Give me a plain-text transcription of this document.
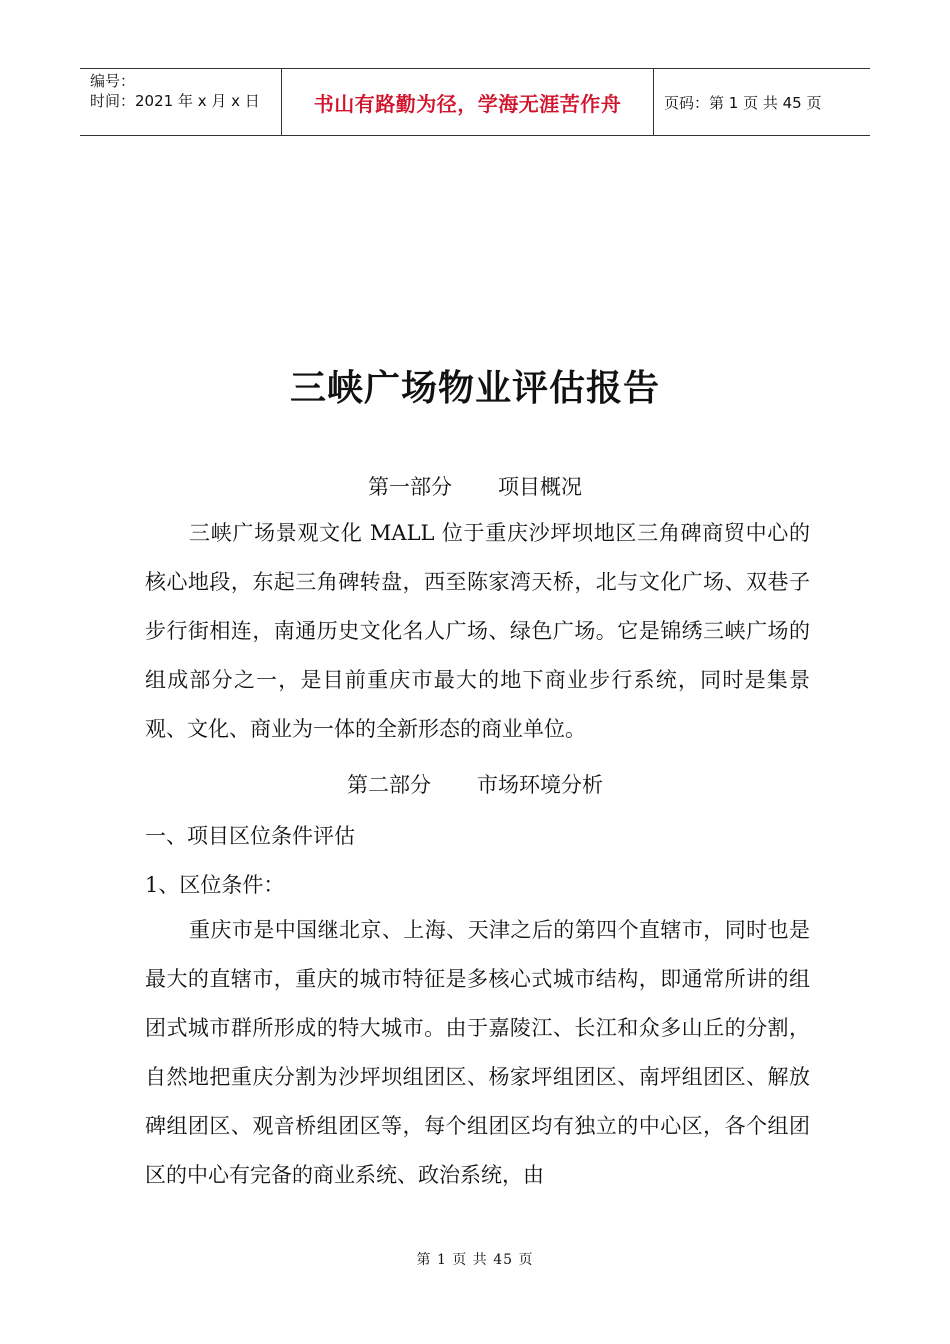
编号：
时间：2021 年 x 月 x 日	书山有路勤为径，学海无涯苦作舟	页码：第 1 页 共 45 页
三峡广场物业评估报告
第一部分 项目概况

三峡广场景观文化 MALL 位于重庆沙坪坝地区三角碑商贸中心的核心地段，东起三角碑转盘，西至陈家湾天桥，北与文化广场、双巷子步行街相连，南通历史文化名人广场、绿色广场。它是锦绣三峡广场的组成部分之一，是目前重庆市最大的地下商业步行系统，同时是集景观、文化、商业为一体的全新形态的商业单位。

第二部分 市场环境分析
一、项目区位条件评估
1、区位条件：

重庆市是中国继北京、上海、天津之后的第四个直辖市，同时也是最大的直辖市，重庆的城市特征是多核心式城市结构，即通常所讲的组团式城市群所形成的特大城市。由于嘉陵江、长江和众多山丘的分割，自然地把重庆分割为沙坪坝组团区、杨家坪组团区、南坪组团区、解放碑组团区、观音桥组团区等，每个组团区均有独立的中心区，各个组团区的中心有完备的商业系统、政治系统，由

第 1 页 共 45 页
